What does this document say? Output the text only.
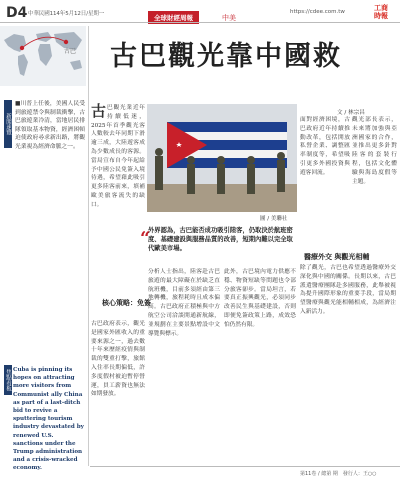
D4 中華民國114年5月12日/星期一	全球財經周報	中美
https://cdee.com.tw	工商
時報
古巴
新聞速覽
■川普上任後，美國人民受到旅遊禁令與制裁衝擊，古巴旅遊業冷清，當地居民排隊領取基本物資，經濟困頓迫使政府尋求新出路，將觀光業視為經濟命脈之一。
焦點看板 Cuba is pinning its hopes on attracting more visitors from Communist ally China as part of a last-ditch bid to revive a sputtering tourism industry devastated by renewed U.S. sanctions under the Trump administration and a crisis-wracked economy.
古巴觀光靠中國救
文 / 林宗昌
古巴觀光業近年持續低迷，2025年首季觀光客人數較去年同期下滑逾三成，大陸遊客成為少數成長的客源。當局宣布自今年起給予中國公民免簽入境待遇，希望藉此吸引更多陸客前來，填補歐美旅客流失的缺口。
核心策略：免簽
古巴政府表示，觀光是國家外匯收入的重要來源之一，過去數十年來歷經疫情與制裁的雙重打擊，旅館入住率長期偏低，許多度假村被迫暫停營運，員工薪資也無法如期發放。
圖 / 美聯社
“
外界認為，古巴能否成功吸引陸客，仍取決於航班密度、基礎建設與服務品質的改善，短期內難以完全取代歐美市場。
分析人士指出，陸客赴古巴旅遊的最大障礙在於缺乏直航班機，目前多須經由第三地轉機，旅程耗時且成本偏高。古巴政府正積極與中方航空公司洽談開通新航線，並規劃在主要景點增設中文導覽與標示。
此外，古巴境內電力供應不穩、物資短缺等問題也令部分旅客卻步。當局坦言，若要真正振興觀光，必須同步改善民生與基礎建設，否則即便免簽政策上路，成效恐怕仍然有限。
面對經濟困境，古巴政府近年持續推動改革，包括開放私營企業、調整匯率制度等，希望吸引更多外國投資與遊客回流。
觀光部長表示，未來將加強與亞洲國家的合作，並推出更多針對陸客的套裝行程，包括文化體驗與海島度假等主題。
醫療外交 與觀光相輔
除了觀光，古巴也希望透過醫療外交深化與中國的關係。長期以來，古巴派遣醫療團隊赴多國服務，此舉被視為提升國際形象的重要手段，當局期望醫療與觀光能相輔相成，為經濟注入新活力。
第11卷 / 總第 期　發行人：王○○
